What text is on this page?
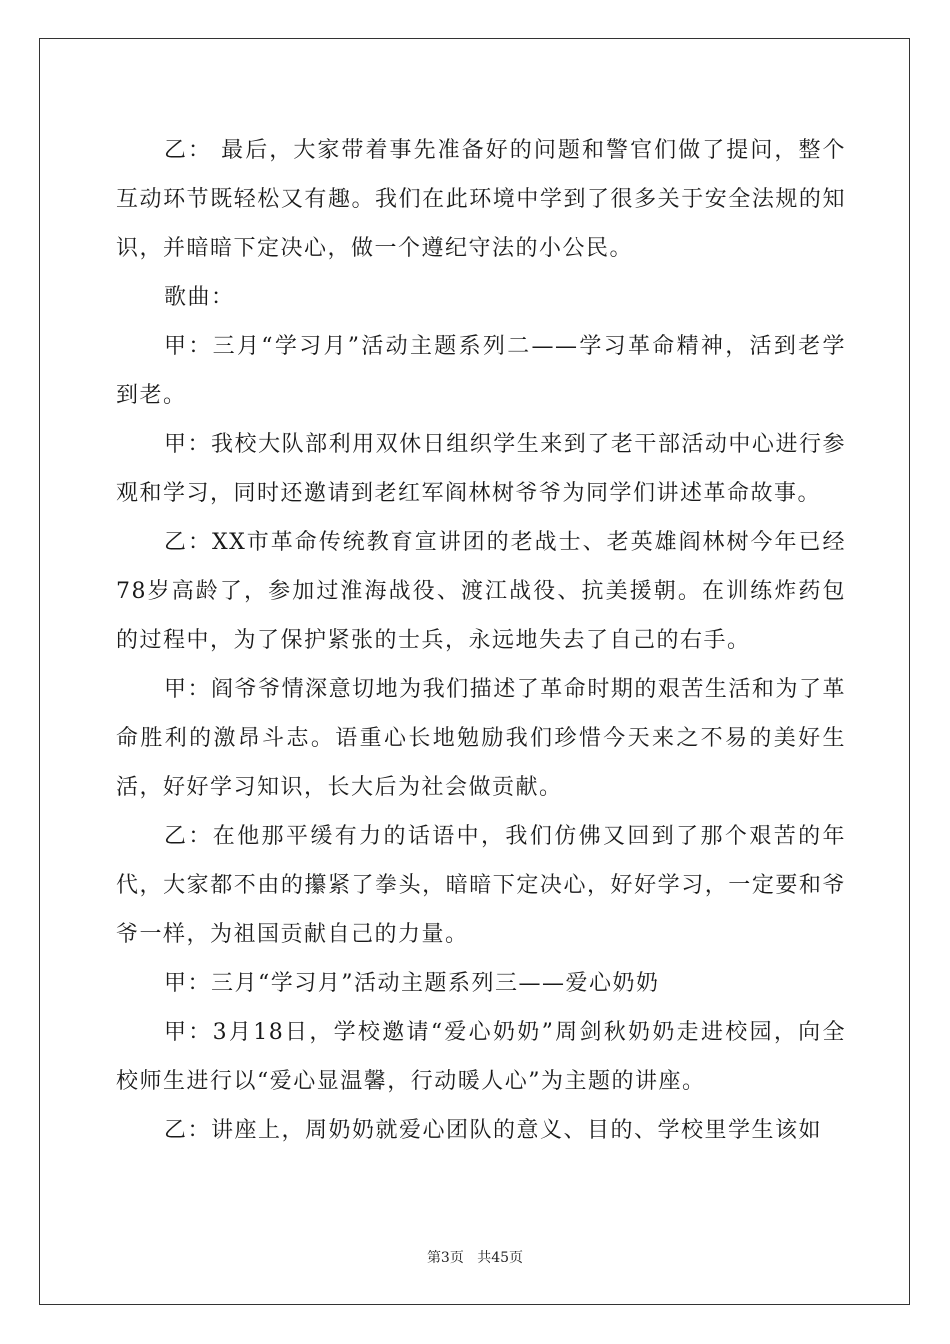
乙： 最后，大家带着事先准备好的问题和警官们做了提问，整个互动环节既轻松又有趣。我们在此环境中学到了很多关于安全法规的知识，并暗暗下定决心，做一个遵纪守法的小公民。

歌曲：

甲：三月“学习月”活动主题系列二——学习革命精神，活到老学到老。

甲：我校大队部利用双休日组织学生来到了老干部活动中心进行参观和学习，同时还邀请到老红军阎林树爷爷为同学们讲述革命故事。

乙：XX市革命传统教育宣讲团的老战士、老英雄阎林树今年已经78岁高龄了，参加过淮海战役、渡江战役、抗美援朝。在训练炸药包的过程中，为了保护紧张的士兵，永远地失去了自己的右手。

甲：阎爷爷情深意切地为我们描述了革命时期的艰苦生活和为了革命胜利的激昂斗志。语重心长地勉励我们珍惜今天来之不易的美好生活，好好学习知识，长大后为社会做贡献。

乙：在他那平缓有力的话语中，我们仿佛又回到了那个艰苦的年代，大家都不由的攥紧了拳头，暗暗下定决心，好好学习，一定要和爷爷一样，为祖国贡献自己的力量。

甲：三月“学习月”活动主题系列三——爱心奶奶

甲：3月18日，学校邀请“爱心奶奶”周剑秋奶奶走进校园，向全校师生进行以“爱心显温馨，行动暖人心”为主题的讲座。

乙：讲座上，周奶奶就爱心团队的意义、目的、学校里学生该如

第3页 共45页
